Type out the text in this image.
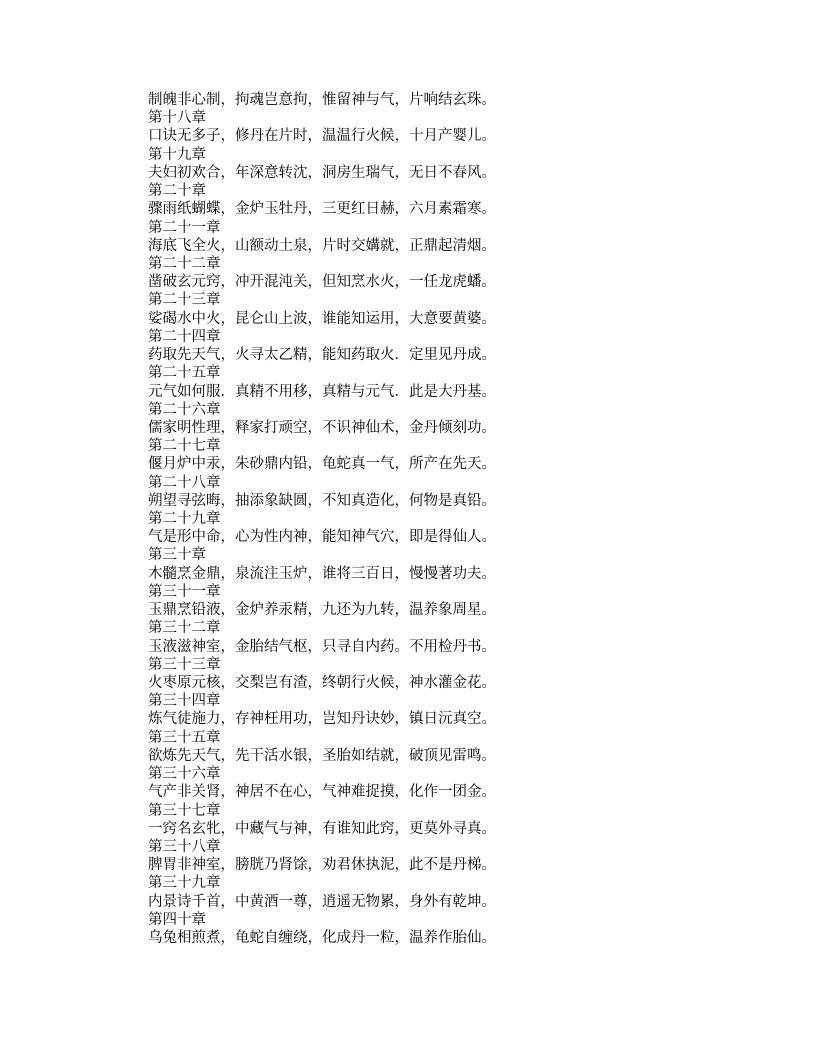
制魄非心制，拘魂岂意拘，惟留神与气，片响结玄珠。
第十八章
口诀无多子，修丹在片时，温温行火候，十月产婴儿。
第十九章
夫妇初欢合，年深意转沈，洞房生瑞气，无日不春风。
第二十章
骤雨纸蝴蝶，金炉玉牡丹，三更红日赫，六月素霜寒。
第二十一章
海底飞全火，山额动土泉，片时交媾就，正鼎起清烟。
第二十二章
凿破玄元窍，冲开混沌关，但知烹水火，一任龙虎蟠。
第二十三章
娑碣水中火，昆仑山上波，谁能知运用，大意要黄婆。
第二十四章
药取先天气，火寻太乙精，能知药取火．定里见丹成。
第二十五章
元气如何服．真精不用移，真精与元气．此是大丹基。
第二十六章
儒家明性理，释家打顽空，不识神仙术，金丹倾刻功。
第二十七章
偃月炉中汞，朱砂鼎内铅，龟蛇真一气，所产在先天。
第二十八章
朔望寻弦晦，抽添象缺圆，不知真造化，何物是真铅。
第二十九章
气是形中命，心为性内神，能知神气穴，即是得仙人。
第三十章
木髓烹金鼎，泉流注玉炉，谁将三百日，慢慢著功夫。
第三十一章
玉鼎烹铅液，金炉养汞精，九还为九转，温养象周星。
第三十二章
玉液滋神室，金胎结气枢，只寻自内药。不用检丹书。
第三十三章
火枣原元核，交梨岂有渣，终朝行火候，神水灌金花。
第三十四章
炼气徒施力，存神枉用功，岂知丹诀妙，镇日沅真空。
第三十五章
欲炼先天气，先干活水银，圣胎如结就，破顶见雷鸣。
第三十六章
气产非关肾，神居不在心，气神难捉摸，化作一团金。
第三十七章
一窍名玄牝，中藏气与神，有谁知此窍，更莫外寻真。
第三十八章
脾胃非神室，膀胱乃肾馀，劝君休执泥，此不是丹梯。
第三十九章
内景诗千首，中黄酒一尊，逍遥无物累，身外有乾坤。
第四十章
乌兔相煎煮，龟蛇自缠绕，化成丹一粒，温养作胎仙。
